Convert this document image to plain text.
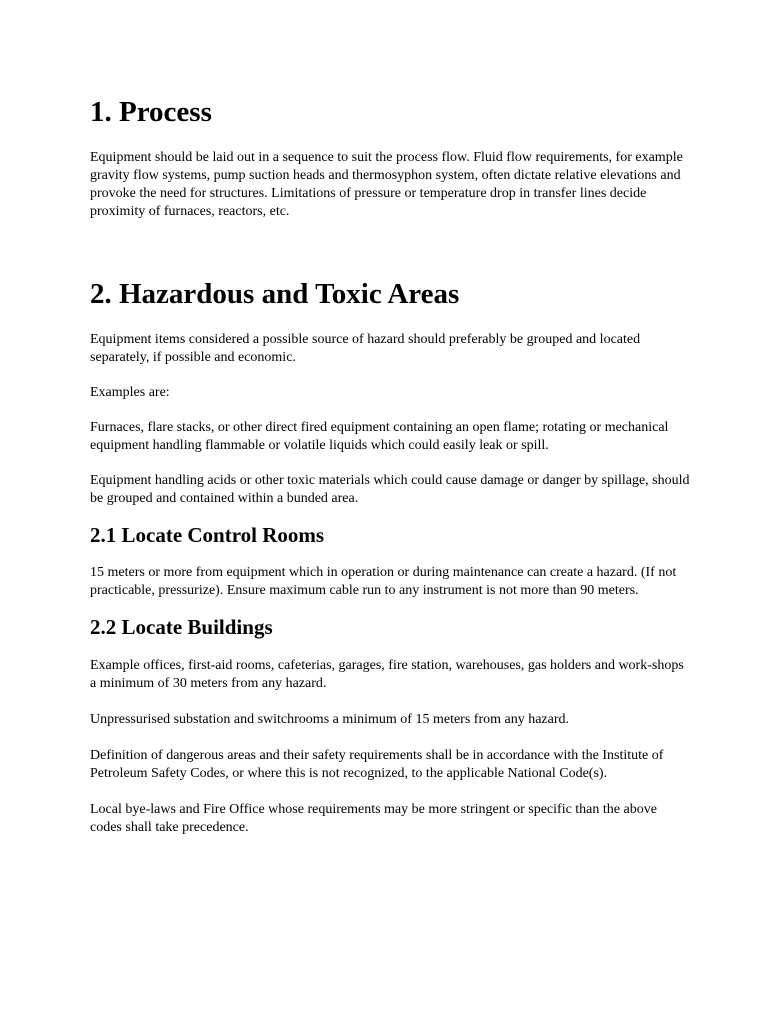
1. Process

Equipment should be laid out in a sequence to suit the process flow. Fluid flow requirements, for example gravity flow systems, pump suction heads and thermosyphon system, often dictate relative elevations and provoke the need for structures. Limitations of pressure or temperature drop in transfer lines decide proximity of furnaces, reactors, etc.

2. Hazardous and Toxic Areas

Equipment items considered a possible source of hazard should preferably be grouped and located separately, if possible and economic.

Examples are:

Furnaces, flare stacks, or other direct fired equipment containing an open flame; rotating or mechanical equipment handling flammable or volatile liquids which could easily leak or spill.

Equipment handling acids or other toxic materials which could cause damage or danger by spillage, should be grouped and contained within a bunded area.

2.1 Locate Control Rooms

15 meters or more from equipment which in operation or during maintenance can create a hazard. (If not practicable, pressurize). Ensure maximum cable run to any instrument is not more than 90 meters.

2.2 Locate Buildings

Example offices, first-aid rooms, cafeterias, garages, fire station, warehouses, gas holders and work-shops a minimum of 30 meters from any hazard.

Unpressurised substation and switchrooms a minimum of 15 meters from any hazard.

Definition of dangerous areas and their safety requirements shall be in accordance with the Institute of Petroleum Safety Codes, or where this is not recognized, to the applicable National Code(s).

Local bye-laws and Fire Office whose requirements may be more stringent or specific than the above codes shall take precedence.
